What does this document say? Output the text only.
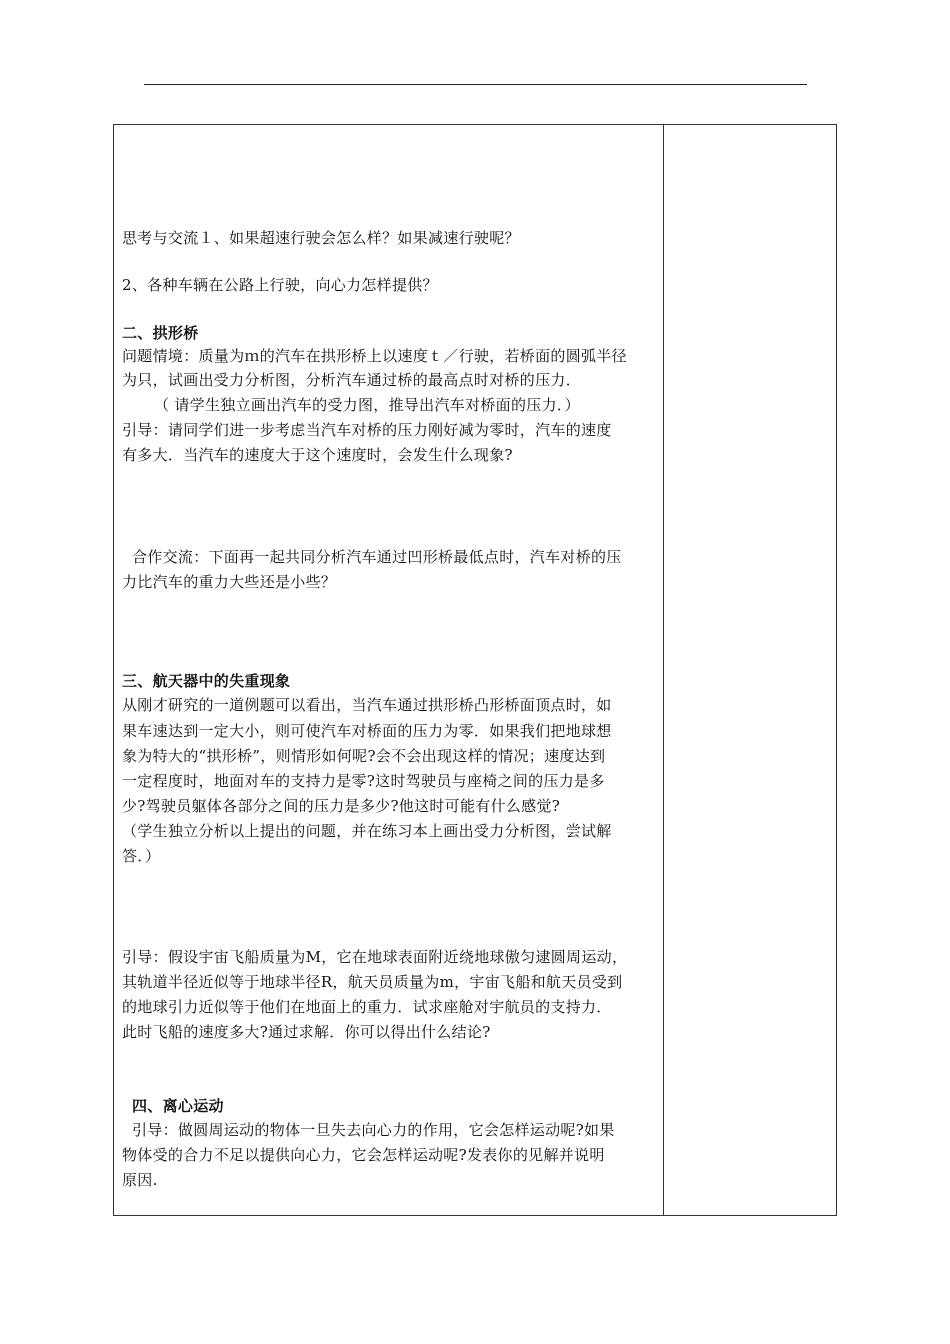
思考与交流１、如果超速行驶会怎么样？如果减速行驶呢？
2、各种车辆在公路上行驶，向心力怎样提供？
二、拱形桥
问题情境：质量为ｍ的汽车在拱形桥上以速度ｔ／行驶，若桥面的圆弧半径
为只，试画出受力分析图，分析汽车通过桥的最高点时对桥的压力．
（ 请学生独立画出汽车的受力图，推导出汽车对桥面的压力．）
引导：请同学们进一步考虑当汽车对桥的压力刚好减为零时，汽车的速度
有多大．当汽车的速度大于这个速度时，会发生什么现象?
合作交流：下面再一起共同分析汽车通过凹形桥最低点时，汽车对桥的压
力比汽车的重力大些还是小些？
三、航天器中的失重现象
从刚才研究的一道例题可以看出，当汽车通过拱形桥凸形桥面顶点时，如
果车速达到一定大小，则可使汽车对桥面的压力为零．如果我们把地球想
象为特大的“拱形桥”，则情形如何呢?会不会出现这样的情况；速度达到
一定程度时，地面对车的支持力是零?这时驾驶员与座椅之间的压力是多
少?驾驶员躯体各部分之间的压力是多少?他这时可能有什么感觉?
（学生独立分析以上提出的问题，并在练习本上画出受力分析图，尝试解
答．）
引导：假设宇宙飞船质量为M，它在地球表面附近绕地球傲匀逮圆周运动，
其轨道半径近似等于地球半径R，航天员质量为m，宇宙飞船和航天员受到
的地球引力近似等于他们在地面上的重力．试求座舱对宇航员的支持力．
此时飞船的速度多大?通过求解．你可以得出什么结论?
四、离心运动
引导：做圆周运动的物体一旦失去向心力的作用，它会怎样运动呢?如果
物体受的合力不足以提供向心力，它会怎样运动呢?发表你的见解并说明
原因.
